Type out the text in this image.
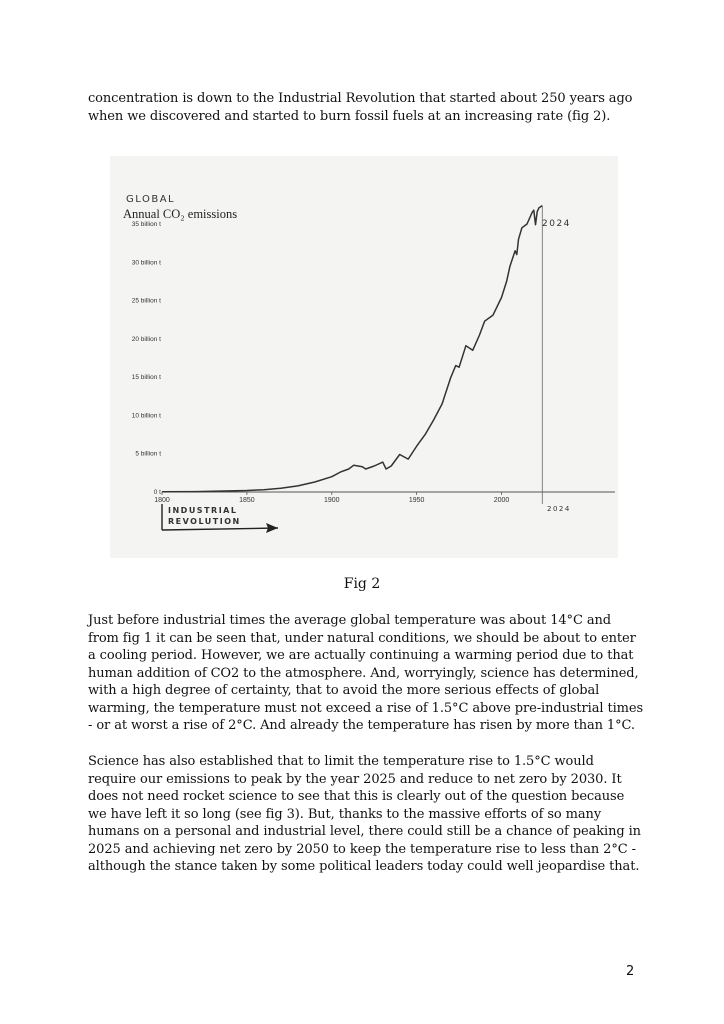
concentration is down to the Industrial Revolution that started about 250 years ago when we discovered and started to burn fossil fuels at an increasing rate (fig 2).

GLOBAL
Annual CO₂ emissions
0 t
5 billion t
10 billion t
15 billion t
20 billion t
25 billion t
30 billion t
35 billion t
1800	1850	1900	1950	2000
2024
2024
INDUSTRIAL
REVOLUTION
Fig 2

Just before industrial times the average global temperature was about 14°C and from fig 1 it can be seen that, under natural conditions, we should be about to enter a cooling period. However, we are actually continuing a warming period due to that human addition of CO2 to the atmosphere. And, worryingly, science has determined, with a high degree of certainty, that to avoid the more serious effects of global warming, the temperature must not exceed a rise of 1.5°C above pre-industrial times - or at worst a rise of 2°C. And already the temperature has risen by more than 1°C.

Science has also established that to limit the temperature rise to 1.5°C would require our emissions to peak by the year 2025 and reduce to net zero by 2030. It does not need rocket science to see that this is clearly out of the question because we have left it so long (see fig 3). But, thanks to the massive efforts of so many humans on a personal and industrial level, there could still be a chance of peaking in 2025 and achieving net zero by 2050 to keep the temperature rise to less than 2°C - although the stance taken by some political leaders today could well jeopardise that.

2
